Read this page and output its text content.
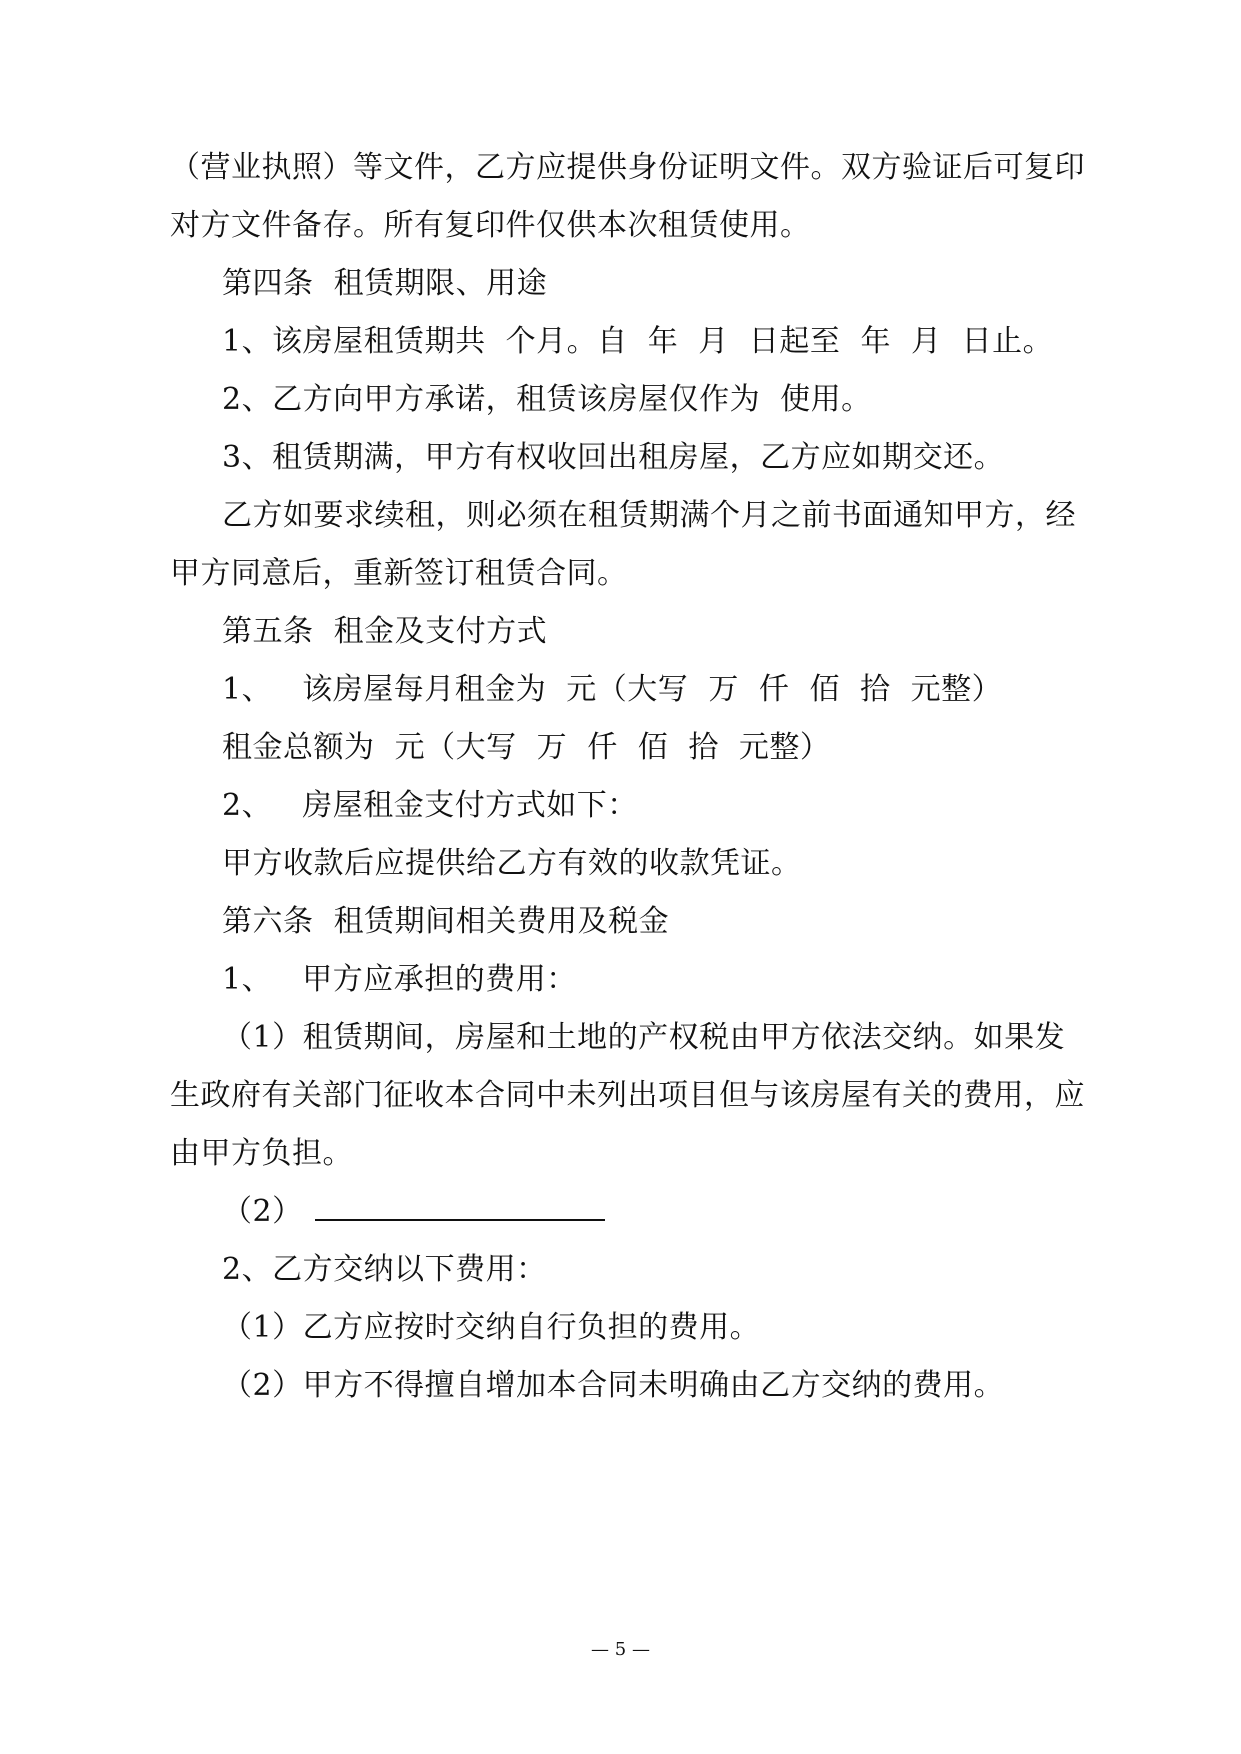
（营业执照）等文件，乙方应提供身份证明文件。双方验证后可复印
对方文件备存。所有复印件仅供本次租赁使用。
第四条  租赁期限、用途
1、该房屋租赁期共  个月。自  年  月  日起至  年  月  日止。
2、乙方向甲方承诺，租赁该房屋仅作为  使用。
3、租赁期满，甲方有权收回出租房屋，乙方应如期交还。
乙方如要求续租，则必须在租赁期满个月之前书面通知甲方，经
甲方同意后，重新签订租赁合同。
第五条  租金及支付方式
1、   该房屋每月租金为  元（大写  万  仟  佰  拾  元整）
租金总额为  元（大写  万  仟  佰  拾  元整）
2、   房屋租金支付方式如下：
甲方收款后应提供给乙方有效的收款凭证。
第六条  租赁期间相关费用及税金
1、   甲方应承担的费用：
（1）租赁期间，房屋和土地的产权税由甲方依法交纳。如果发
生政府有关部门征收本合同中未列出项目但与该房屋有关的费用，应
由甲方负担。
（2）
2、乙方交纳以下费用：
（1）乙方应按时交纳自行负担的费用。
（2）甲方不得擅自增加本合同未明确由乙方交纳的费用。
— 5 —
